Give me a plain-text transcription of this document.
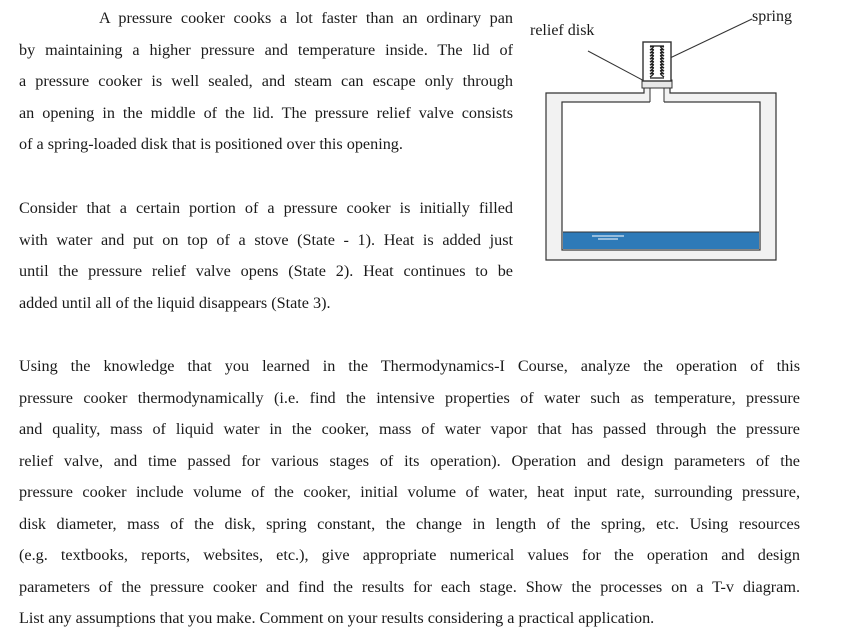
A pressure cooker cooks a lot faster than an ordinary pan
by maintaining a higher pressure and temperature inside. The lid of
a pressure cooker is well sealed, and steam can escape only through
an opening in the middle of the lid. The pressure relief valve consists
of a spring-loaded disk that is positioned over this opening.
Consider that a certain portion of a pressure cooker is initially filled
with water and put on top of a stove (State - 1). Heat is added just
until the pressure relief valve opens (State 2). Heat continues to be
added until all of the liquid disappears (State 3).
Using the knowledge that you learned in the Thermodynamics-I Course, analyze the operation of this
pressure cooker thermodynamically (i.e. find the intensive properties of water such as temperature, pressure
and quality, mass of liquid water in the cooker, mass of water vapor that has passed through the pressure
relief valve, and time passed for various stages of its operation). Operation and design parameters of the
pressure cooker include volume of the cooker, initial volume of water, heat input rate, surrounding pressure,
disk diameter, mass of the disk, spring constant, the change in length of the spring, etc. Using resources
(e.g. textbooks, reports, websites, etc.), give appropriate numerical values for the operation and design
parameters of the pressure cooker and find the results for each stage. Show the processes on a T-v diagram.
List any assumptions that you make. Comment on your results considering a practical application.
relief disk
spring
